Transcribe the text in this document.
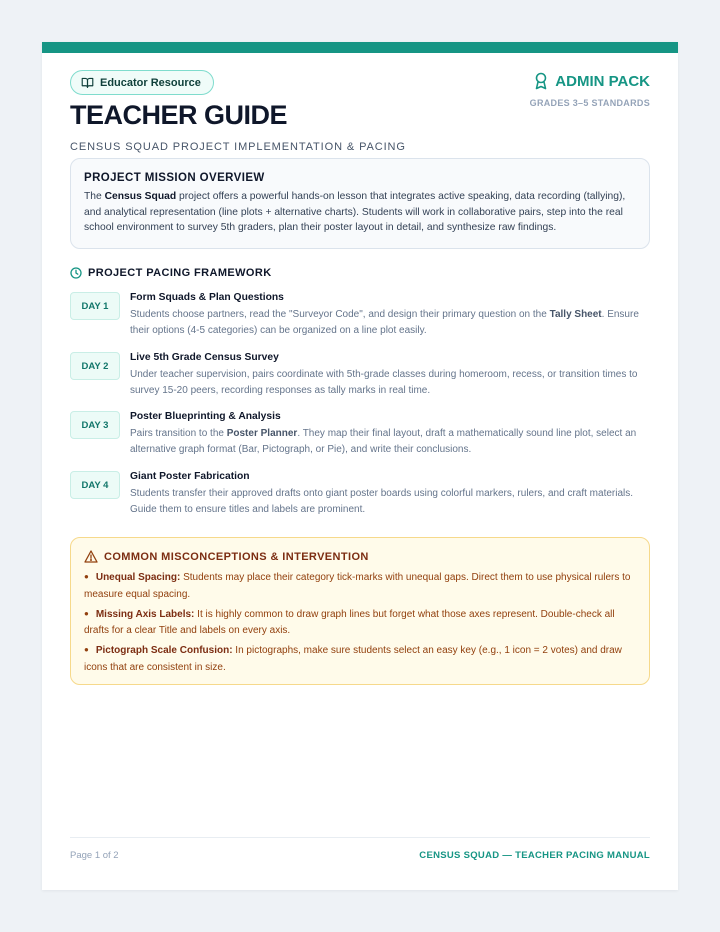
Educator Resource
TEACHER GUIDE
CENSUS SQUAD PROJECT IMPLEMENTATION & PACING
ADMIN PACK
GRADES 3–5 STANDARDS
PROJECT MISSION OVERVIEW

The Census Squad project offers a powerful hands-on lesson that integrates active speaking, data recording (tallying), and analytical representation (line plots + alternative charts). Students will work in collaborative pairs, step into the real school environment to survey 5th graders, plan their poster layout in detail, and synthesize raw findings.

PROJECT PACING FRAMEWORK
DAY 1
Form Squads & Plan Questions
Students choose partners, read the "Surveyor Code", and design their primary question on the Tally Sheet. Ensure their options (4-5 categories) can be organized on a line plot easily.
DAY 2
Live 5th Grade Census Survey
Under teacher supervision, pairs coordinate with 5th-grade classes during homeroom, recess, or transition times to survey 15-20 peers, recording responses as tally marks in real time.
DAY 3
Poster Blueprinting & Analysis
Pairs transition to the Poster Planner. They map their final layout, draft a mathematically sound line plot, select an alternative graph format (Bar, Pictograph, or Pie), and write their conclusions.
DAY 4
Giant Poster Fabrication
Students transfer their approved drafts onto giant poster boards using colorful markers, rulers, and craft materials. Guide them to ensure titles and labels are prominent.
COMMON MISCONCEPTIONS & INTERVENTION
● Unequal Spacing: Students may place their category tick-marks with unequal gaps. Direct them to use physical rulers to measure equal spacing.
● Missing Axis Labels: It is highly common to draw graph lines but forget what those axes represent. Double-check all drafts for a clear Title and labels on every axis.
● Pictograph Scale Confusion: In pictographs, make sure students select an easy key (e.g., 1 icon = 2 votes) and draw icons that are consistent in size.
Page 1 of 2	CENSUS SQUAD — TEACHER PACING MANUAL
